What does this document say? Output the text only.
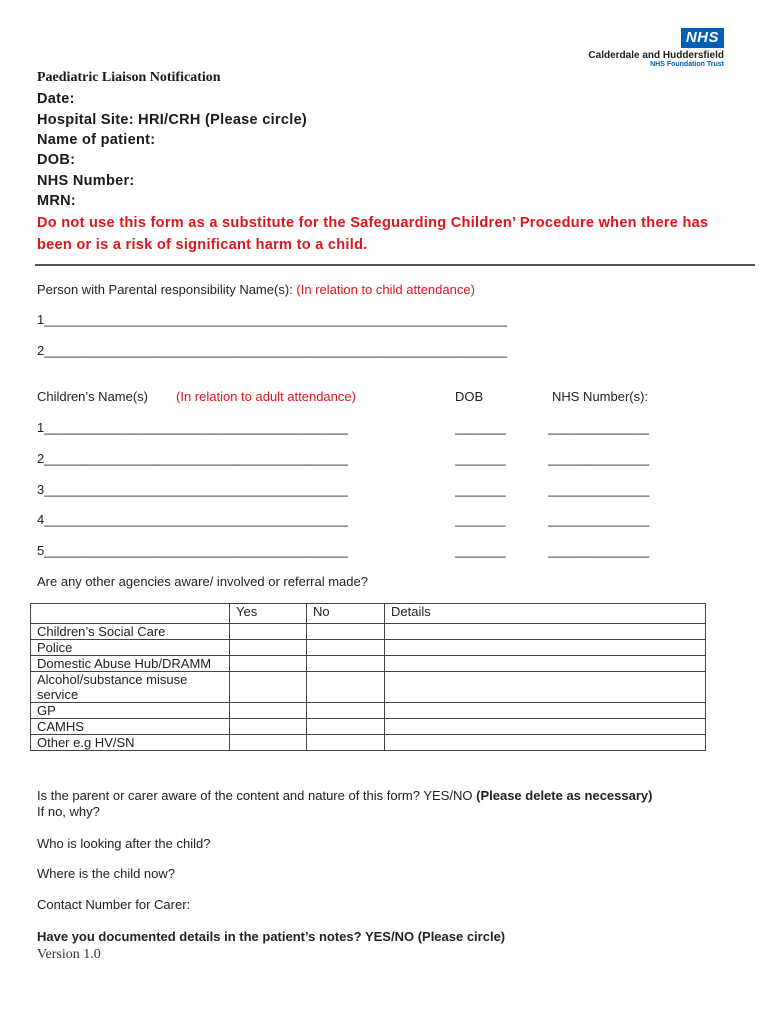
NHS
Calderdale and Huddersfield
NHS Foundation Trust
Paediatric Liaison Notification
Date:
Hospital Site: HRI/CRH (Please circle)
Name of patient:
DOB:
NHS Number:
MRN:
Do not use this form as a substitute for the Safeguarding Children’ Procedure when there has been or is a risk of significant harm to a child.
Person with Parental responsibility Name(s): (In relation to child attendance)
1________________________________________________________________
2________________________________________________________________
Children’s Name(s) (In relation to adult attendance)	DOB	NHS Number(s):
1__________________________________________	_______	______________
2__________________________________________	_______	______________
3__________________________________________	_______	______________
4__________________________________________	_______	______________
5__________________________________________	_______	______________
Are any other agencies aware/ involved or referral made?
	Yes	No	Details
Children’s Social Care			
Police			
Domestic Abuse Hub/DRAMM			
Alcohol/substance misuse service			
GP			
CAMHS			
Other e.g HV/SN			
Is the parent or carer aware of the content and nature of this form? YES/NO (Please delete as necessary)
If no, why?
Who is looking after the child?
Where is the child now?
Contact Number for Carer:
Have you documented details in the patient’s notes? YES/NO (Please circle)
Version 1.0
